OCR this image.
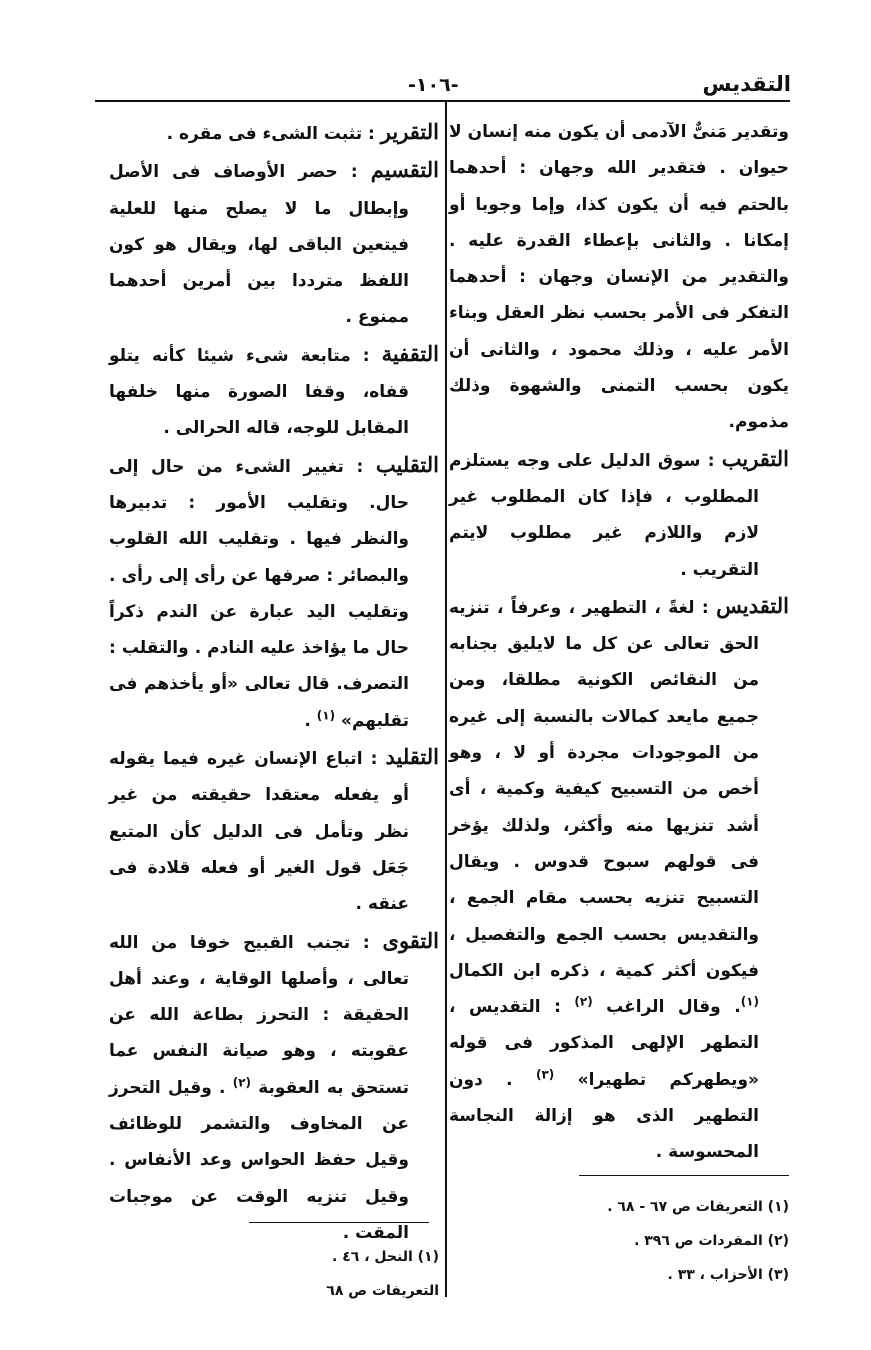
التقديس
-١٠٦-

وتقدير مَنىٌّ الآدمى أن يكون منه إنسان لا حيوان . فتقدير الله وجهان : أحدهما بالحتم فيه أن يكون كذا، وإما وجوبا أو إمكانا . والثانى بإعطاء القدرة عليه . والتقدير من الإنسان وجهان : أحدهما التفكر فى الأمر بحسب نظر العقل وبناء الأمر عليه ، وذلك محمود ، والثانى أن يكون بحسب التمنى والشهوة وذلك مذموم.

التقريب : سوق الدليل على وجه يستلزم المطلوب ، فإذا كان المطلوب غير لازم واللازم غير مطلوب لايتم التقريب .

التقديس : لغةً ، التطهير ، وعرفاً ، تنزيه الحق تعالى عن كل ما لايليق بجنابه من النقائص الكونية مطلقا، ومن جميع مايعد كمالات بالنسبة إلى غيره من الموجودات مجردة أو لا ، وهو أخص من التسبيح كيفية وكمية ، أى أشد تنزيها منه وأكثر، ولذلك يؤخر فى قولهم سبوح قدوس . ويقال التسبيح تنزيه بحسب مقام الجمع ، والتقديس بحسب الجمع والتفصيل ، فيكون أكثر كمية ، ذكره ابن الكمال $^{(١)}$. وقال الراغب $^{(٢)}$ : التقديس ، التطهر الإلهى المذكور فى قوله «ويطهركم تطهيرا» $^{(٣)}$ . دون التطهير الذى هو إزالة النجاسة المحسوسة .

التقرير : تثبت الشىء فى مقره .

التقسيم : حصر الأوصاف فى الأصل وإبطال ما لا يصلح منها للعلية فيتعين الباقى لها، ويقال هو كون اللفظ مترددا بين أمرين أحدهما ممنوع .

التقفية : متابعة شىء شيئا كأنه يتلو قفاه، وقفا الصورة منها خلفها المقابل للوجه، قاله الحرالى .

التقليب : تغيير الشىء من حال إلى حال. وتقليب الأمور : تدبيرها والنظر فيها . وتقليب الله القلوب والبصائر : صرفها عن رأى إلى رأى . وتقليب اليد عبارة عن الندم ذكراً حال ما يؤاخذ عليه النادم . والتقلب : التصرف. قال تعالى «أو يأخذهم فى تقلبهم» $^{(١)}$ .

التقليد : اتباع الإنسان غيره فيما يقوله أو يفعله معتقدا حقيقته من غير نظر وتأمل فى الدليل كأن المتبع جَعَل قول الغير أو فعله قلادة فى عنقه .

التقوى : تجنب القبيح خوفا من الله تعالى ، وأصلها الوقاية ، وعند أهل الحقيقة : التحرز بطاعة الله عن عقوبته ، وهو صيانة النفس عما تستحق به العقوبة $^{(٢)}$ . وقيل التحرز عن المخاوف والتشمر للوظائف وقيل حفظ الحواس وعد الأنفاس . وقيل تنزيه الوقت عن موجبات المقت .

(١) التعريفات ص ٦٧ - ٦٨ .

(٢) المفردات ص ٣٩٦ .

(٣) الأحزاب ، ٣٣ .

(١) النحل ، ٤٦ .

التعريفات ص ٦٨
